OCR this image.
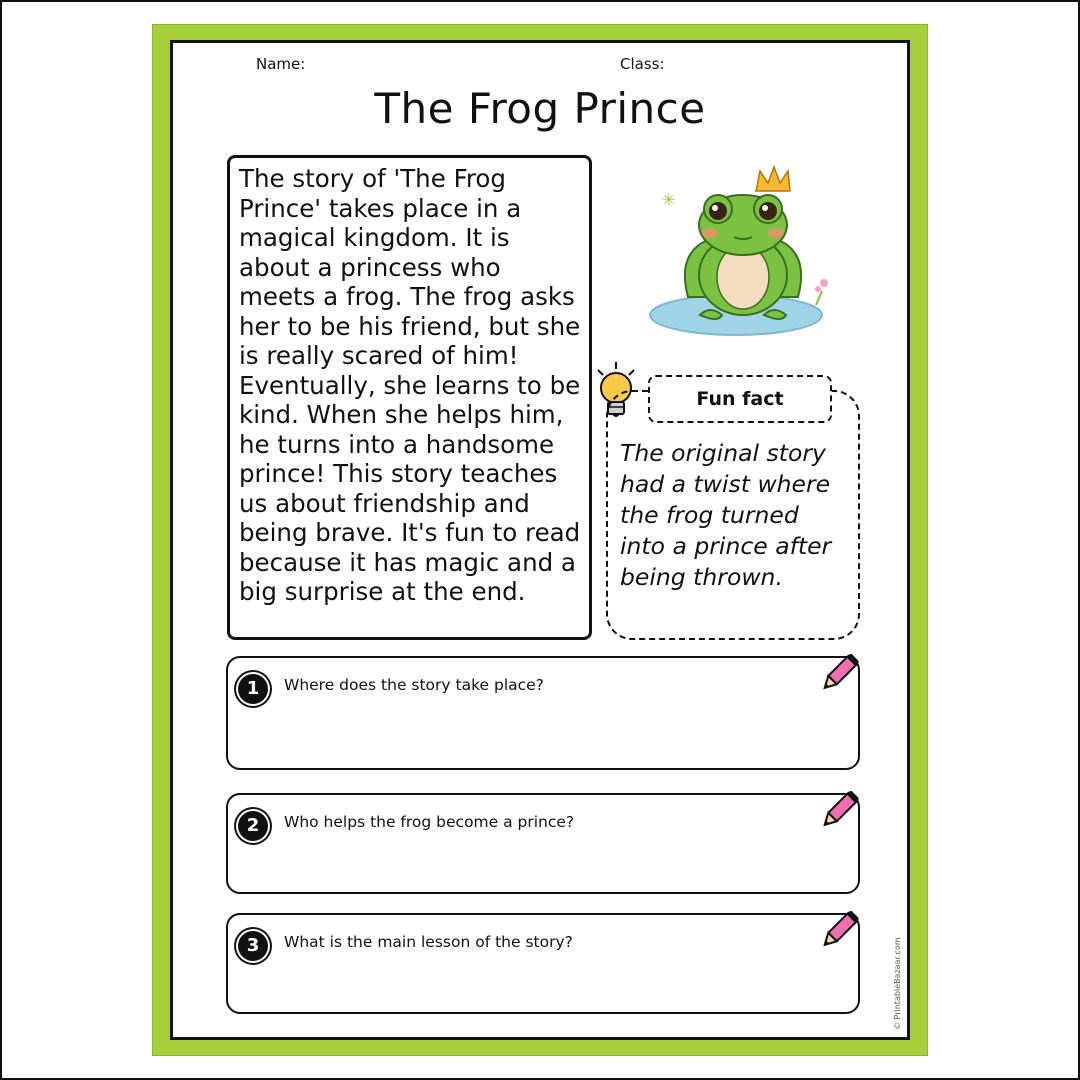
Name:	Class:
The Frog Prince

The story of 'The Frog Prince' takes place in a magical kingdom. It is about a princess who meets a frog. The frog asks her to be his friend, but she is really scared of him! Eventually, she learns to be kind. When she helps him, he turns into a handsome prince! This story teaches us about friendship and being brave. It's fun to read because it has magic and a big surprise at the end.

✳

The original story had a twist where the frog turned into a prince after being thrown.

Fun fact
1	Where does the story take place?
2	Who helps the frog become a prince?
3	What is the main lesson of the story?	© PrintableBazaar.com
